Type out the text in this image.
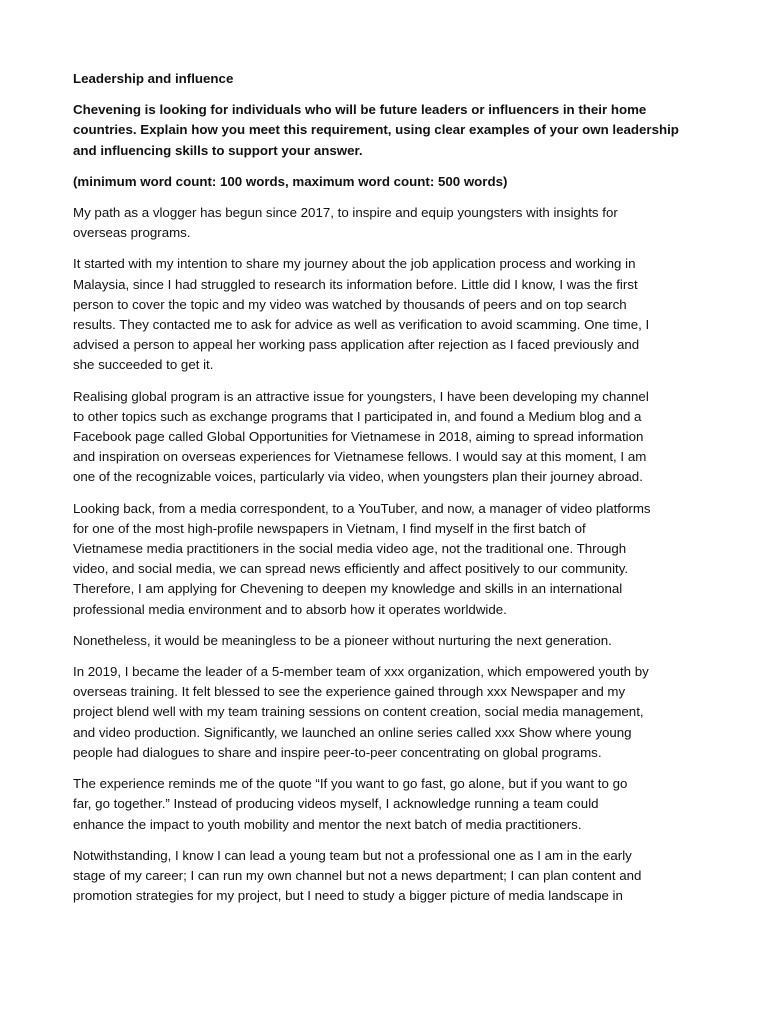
Leadership and influence

Chevening is looking for individuals who will be future leaders or influencers in their home
countries. Explain how you meet this requirement, using clear examples of your own leadership
and influencing skills to support your answer.

(minimum word count: 100 words, maximum word count: 500 words)

My path as a vlogger has begun since 2017, to inspire and equip youngsters with insights for
overseas programs.

It started with my intention to share my journey about the job application process and working in
Malaysia, since I had struggled to research its information before. Little did I know, I was the first
person to cover the topic and my video was watched by thousands of peers and on top search
results. They contacted me to ask for advice as well as verification to avoid scamming. One time, I
advised a person to appeal her working pass application after rejection as I faced previously and
she succeeded to get it.

Realising global program is an attractive issue for youngsters, I have been developing my channel
to other topics such as exchange programs that I participated in, and found a Medium blog and a
Facebook page called Global Opportunities for Vietnamese in 2018, aiming to spread information
and inspiration on overseas experiences for Vietnamese fellows. I would say at this moment, I am
one of the recognizable voices, particularly via video, when youngsters plan their journey abroad.

Looking back, from a media correspondent, to a YouTuber, and now, a manager of video platforms
for one of the most high-profile newspapers in Vietnam, I find myself in the first batch of
Vietnamese media practitioners in the social media video age, not the traditional one. Through
video, and social media, we can spread news efficiently and affect positively to our community.
Therefore, I am applying for Chevening to deepen my knowledge and skills in an international
professional media environment and to absorb how it operates worldwide.

Nonetheless, it would be meaningless to be a pioneer without nurturing the next generation.

In 2019, I became the leader of a 5-member team of xxx organization, which empowered youth by
overseas training. It felt blessed to see the experience gained through xxx Newspaper and my
project blend well with my team training sessions on content creation, social media management,
and video production. Significantly, we launched an online series called xxx Show where young
people had dialogues to share and inspire peer-to-peer concentrating on global programs.

The experience reminds me of the quote “If you want to go fast, go alone, but if you want to go
far, go together.” Instead of producing videos myself, I acknowledge running a team could
enhance the impact to youth mobility and mentor the next batch of media practitioners.

Notwithstanding, I know I can lead a young team but not a professional one as I am in the early
stage of my career; I can run my own channel but not a news department; I can plan content and
promotion strategies for my project, but I need to study a bigger picture of media landscape in
